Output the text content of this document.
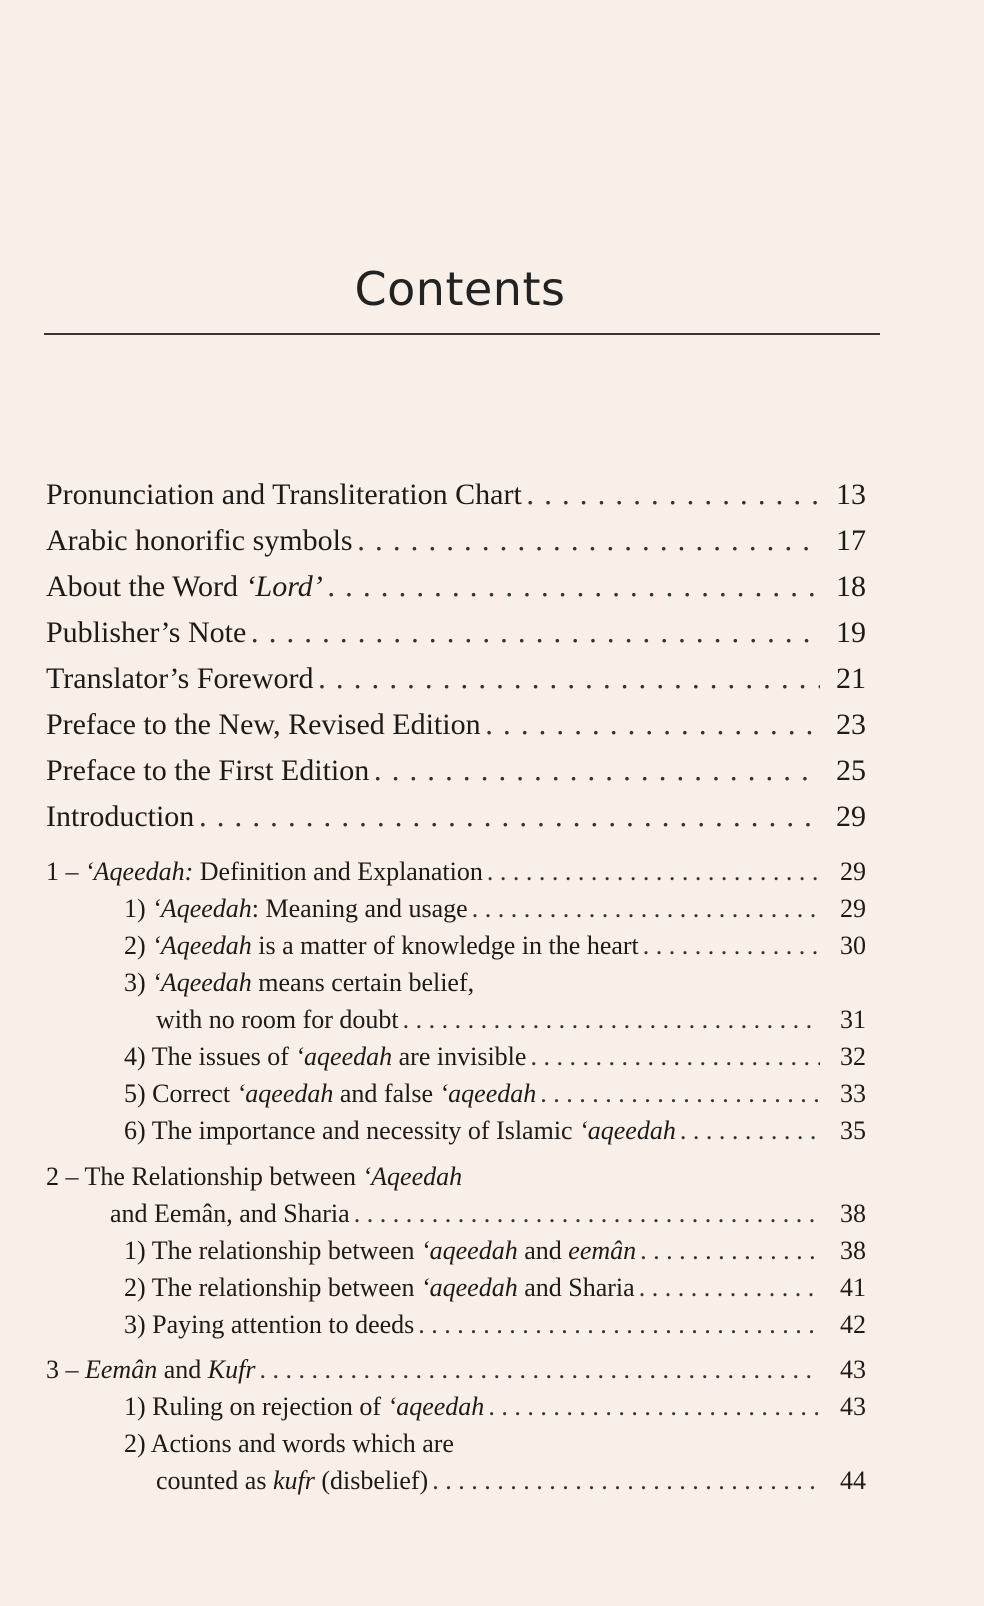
Contents
Pronunciation and Transliteration Chart . . .	13
Arabic honorific symbols . . .	17
About the Word ‘Lord’ . . .	18
Publisher’s Note . . .	19
Translator’s Foreword . . .	21
Preface to the New, Revised Edition . . .	23
Preface to the First Edition . . .	25
Introduction . . .	29
1 – ‘Aqeedah: Definition and Explanation . . .	29
1) ‘Aqeedah: Meaning and usage . . .	29
2) ‘Aqeedah is a matter of knowledge in the heart . . .	30
3) ‘Aqeedah means certain belief,
with no room for doubt . . .	31
4) The issues of ‘aqeedah are invisible . . .	32
5) Correct ‘aqeedah and false ‘aqeedah . . .	33
6) The importance and necessity of Islamic ‘aqeedah . . .	35
2 – The Relationship between ‘Aqeedah
and Eemân, and Sharia . . .	38
1) The relationship between ‘aqeedah and eemân . . .	38
2) The relationship between ‘aqeedah and Sharia . . .	41
3) Paying attention to deeds . . .	42
3 – Eemân and Kufr . . .	43
1) Ruling on rejection of ‘aqeedah . . .	43
2) Actions and words which are
counted as kufr (disbelief) . . .	44
